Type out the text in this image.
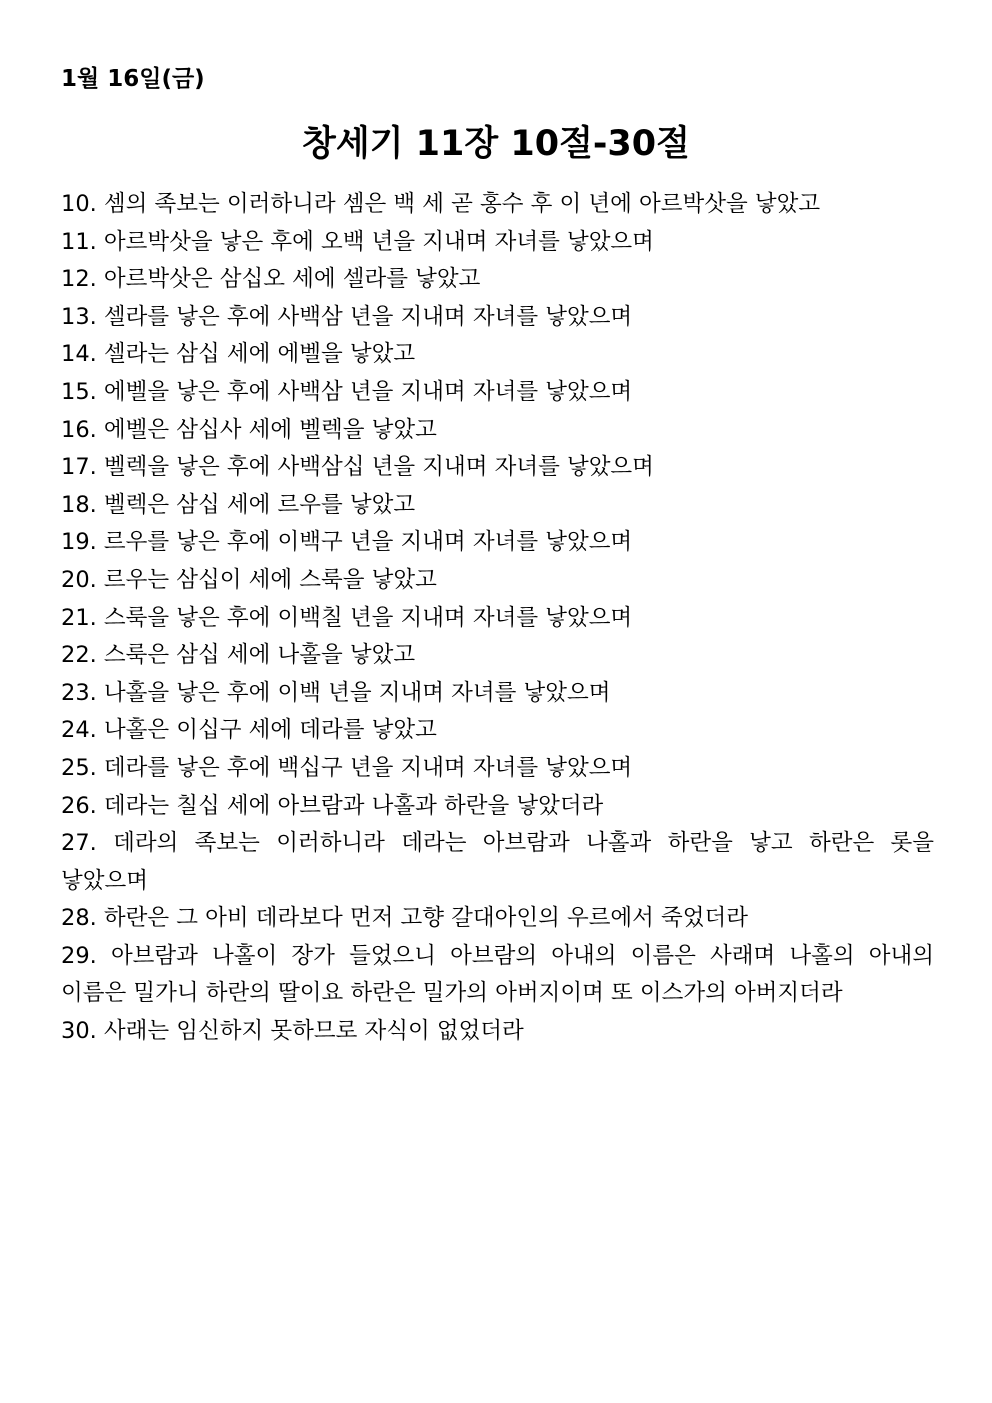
1월 16일(금)
창세기 11장 10절-30절
10. 셈의 족보는 이러하니라 셈은 백 세 곧 홍수 후 이 년에 아르박삿을 낳았고
11. 아르박삿을 낳은 후에 오백 년을 지내며 자녀를 낳았으며
12. 아르박삿은 삼십오 세에 셀라를 낳았고
13. 셀라를 낳은 후에 사백삼 년을 지내며 자녀를 낳았으며
14. 셀라는 삼십 세에 에벨을 낳았고
15. 에벨을 낳은 후에 사백삼 년을 지내며 자녀를 낳았으며
16. 에벨은 삼십사 세에 벨렉을 낳았고
17. 벨렉을 낳은 후에 사백삼십 년을 지내며 자녀를 낳았으며
18. 벨렉은 삼십 세에 르우를 낳았고
19. 르우를 낳은 후에 이백구 년을 지내며 자녀를 낳았으며
20. 르우는 삼십이 세에 스룩을 낳았고
21. 스룩을 낳은 후에 이백칠 년을 지내며 자녀를 낳았으며
22. 스룩은 삼십 세에 나홀을 낳았고
23. 나홀을 낳은 후에 이백 년을 지내며 자녀를 낳았으며
24. 나홀은 이십구 세에 데라를 낳았고
25. 데라를 낳은 후에 백십구 년을 지내며 자녀를 낳았으며
26. 데라는 칠십 세에 아브람과 나홀과 하란을 낳았더라
27. 데라의 족보는 이러하니라 데라는 아브람과 나홀과 하란을 낳고 하란은 롯을 낳았으며
28. 하란은 그 아비 데라보다 먼저 고향 갈대아인의 우르에서 죽었더라
29. 아브람과 나홀이 장가 들었으니 아브람의 아내의 이름은 사래며 나홀의 아내의 이름은 밀가니 하란의 딸이요 하란은 밀가의 아버지이며 또 이스가의 아버지더라
30. 사래는 임신하지 못하므로 자식이 없었더라
